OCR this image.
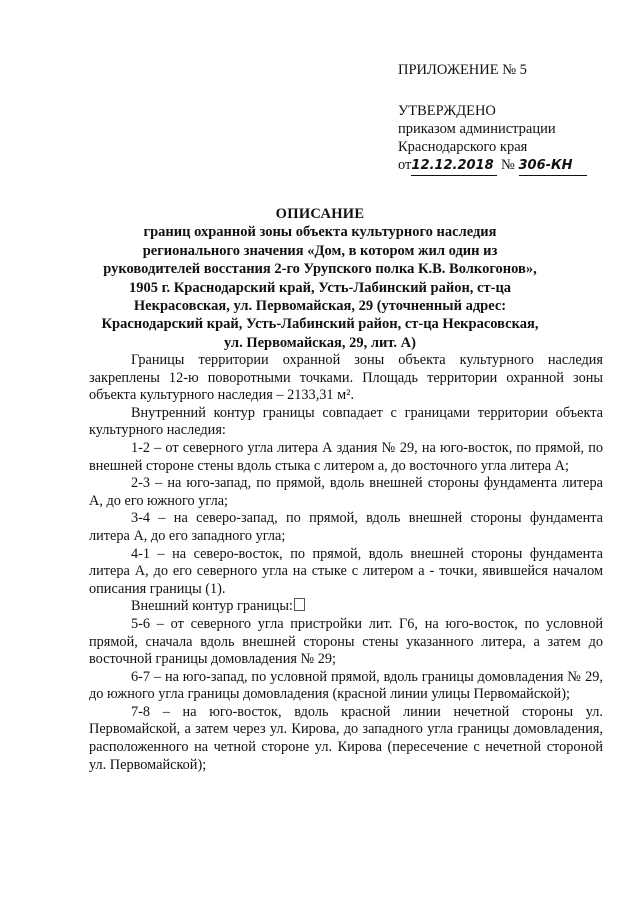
ПРИЛОЖЕНИЕ № 5

УТВЕРЖДЕНО

приказом администрации

Краснодарского края

от12.12.2018 № 306-КН

ОПИСАНИЕ

границ охранной зоны объекта культурного наследия регионального значения «Дом, в котором жил один из руководителей восстания 2-го Урупского полка К.В. Волкогонов», 1905 г. Краснодарский край, Усть-Лабинский район, ст-ца Некрасовская, ул. Первомайская, 29 (уточненный адрес: Краснодарский край, Усть-Лабинский район, ст-ца Некрасовская, ул. Первомайская, 29, лит. А)

Границы территории охранной зоны объекта культурного наследия закреплены 12-ю поворотными точками. Площадь территории охранной зоны объекта культурного наследия – 2133,31 м².

Внутренний контур границы совпадает с границами территории объекта культурного наследия:

1-2 – от северного угла литера А здания № 29, на юго-восток, по прямой, по внешней стороне стены вдоль стыка с литером а, до восточного угла литера А;

2-3 – на юго-запад, по прямой, вдоль внешней стороны фундамента литера А, до его южного угла;

3-4 – на северо-запад, по прямой, вдоль внешней стороны фундамента литера А, до его западного угла;

4-1 – на северо-восток, по прямой, вдоль внешней стороны фундамента литера А, до его северного угла на стыке с литером а - точки, явившейся началом описания границы (1).

Внешний контур границы:

5-6 – от северного угла пристройки лит. Г6, на юго-восток, по условной прямой, сначала вдоль внешней стороны стены указанного литера, а затем до восточной границы домовладения № 29;

6-7 – на юго-запад, по условной прямой, вдоль границы домовладения № 29, до южного угла границы домовладения (красной линии улицы Первомайской);

7-8 – на юго-восток, вдоль красной линии нечетной стороны ул. Первомайской, а затем через ул. Кирова, до западного угла границы домовладения, расположенного на четной стороне ул. Кирова (пересечение с нечетной стороной ул. Первомайской);
